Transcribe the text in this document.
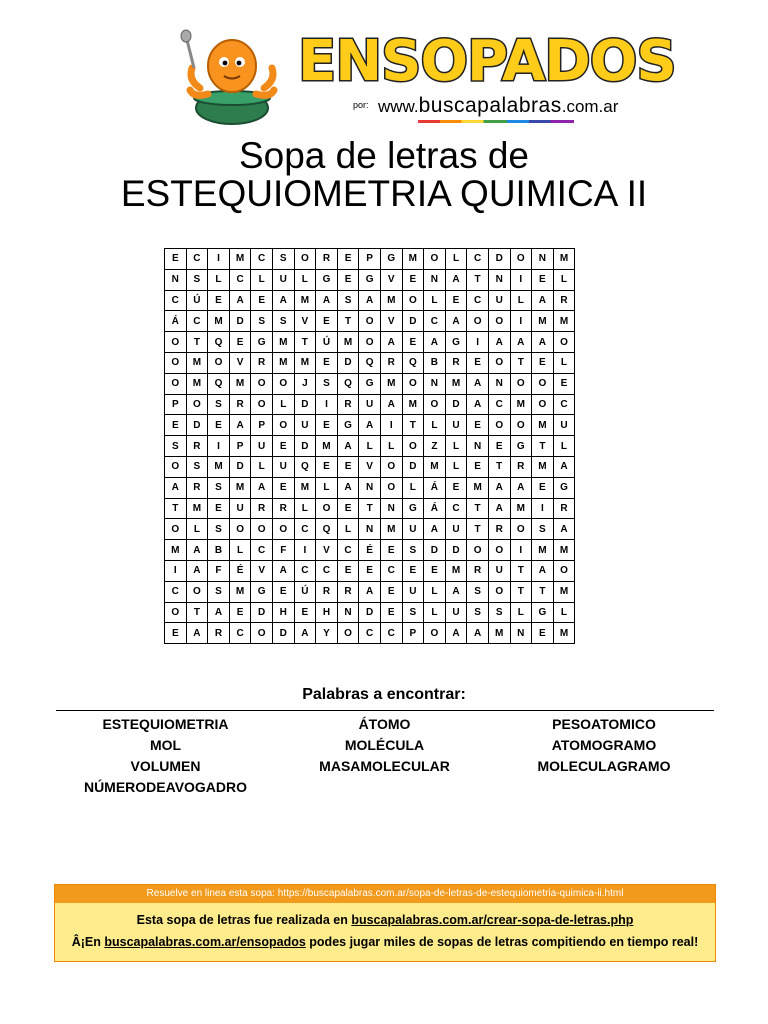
ENSOPADOS
por: www.buscapalabras.com.ar
Sopa de letras de
ESTEQUIOMETRIA QUIMICA II
E	C	I	M	C	S	O	R	E	P	G	M	O	L	C	D	O	N	M
N	S	L	C	L	U	L	G	E	G	V	E	N	A	T	N	I	E	L
C	Ú	E	A	E	A	M	A	S	A	M	O	L	E	C	U	L	A	R
Á	C	M	D	S	S	V	E	T	O	V	D	C	A	O	O	I	M	M
O	T	Q	E	G	M	T	Ú	M	O	A	E	A	G	I	A	A	A	O
O	M	O	V	R	M	M	E	D	Q	R	Q	B	R	E	O	T	E	L
O	M	Q	M	O	O	J	S	Q	G	M	O	N	M	A	N	O	O	E
P	O	S	R	O	L	D	I	R	U	A	M	O	D	A	C	M	O	C
E	D	E	A	P	O	U	E	G	A	I	T	L	U	E	O	O	M	U
S	R	I	P	U	E	D	M	A	L	L	O	Z	L	N	E	G	T	L
O	S	M	D	L	U	Q	E	E	V	O	D	M	L	E	T	R	M	A
A	R	S	M	A	E	M	L	A	N	O	L	Á	E	M	A	A	E	G
T	M	E	U	R	R	L	O	E	T	N	G	Á	C	T	A	M	I	R
O	L	S	O	O	O	C	Q	L	N	M	U	A	U	T	R	O	S	A
M	A	B	L	C	F	I	V	C	É	E	S	D	D	O	O	I	M	M
I	A	F	É	V	A	C	C	E	E	C	E	E	M	R	U	T	A	O
C	O	S	M	G	E	Ú	R	R	A	E	U	L	A	S	O	T	T	M
O	T	A	E	D	H	E	H	N	D	E	S	L	U	S	S	L	G	L
E	A	R	C	O	D	A	Y	O	C	C	P	O	A	A	M	N	E	M
Palabras a encontrar:
ESTEQUIOMETRIA	ÁTOMO	PESOATOMICO
MOL	MOLÉCULA	ATOMOGRAMO
VOLUMEN	MASAMOLECULAR	MOLECULAGRAMO
NÚMERODEAVOGADRO
Resuelve en linea esta sopa: https://buscapalabras.com.ar/sopa-de-letras-de-estequiometria-quimica-ii.html
Esta sopa de letras fue realizada en buscapalabras.com.ar/crear-sopa-de-letras.php
Â¡En buscapalabras.com.ar/ensopados podes jugar miles de sopas de letras compitiendo en tiempo real!
